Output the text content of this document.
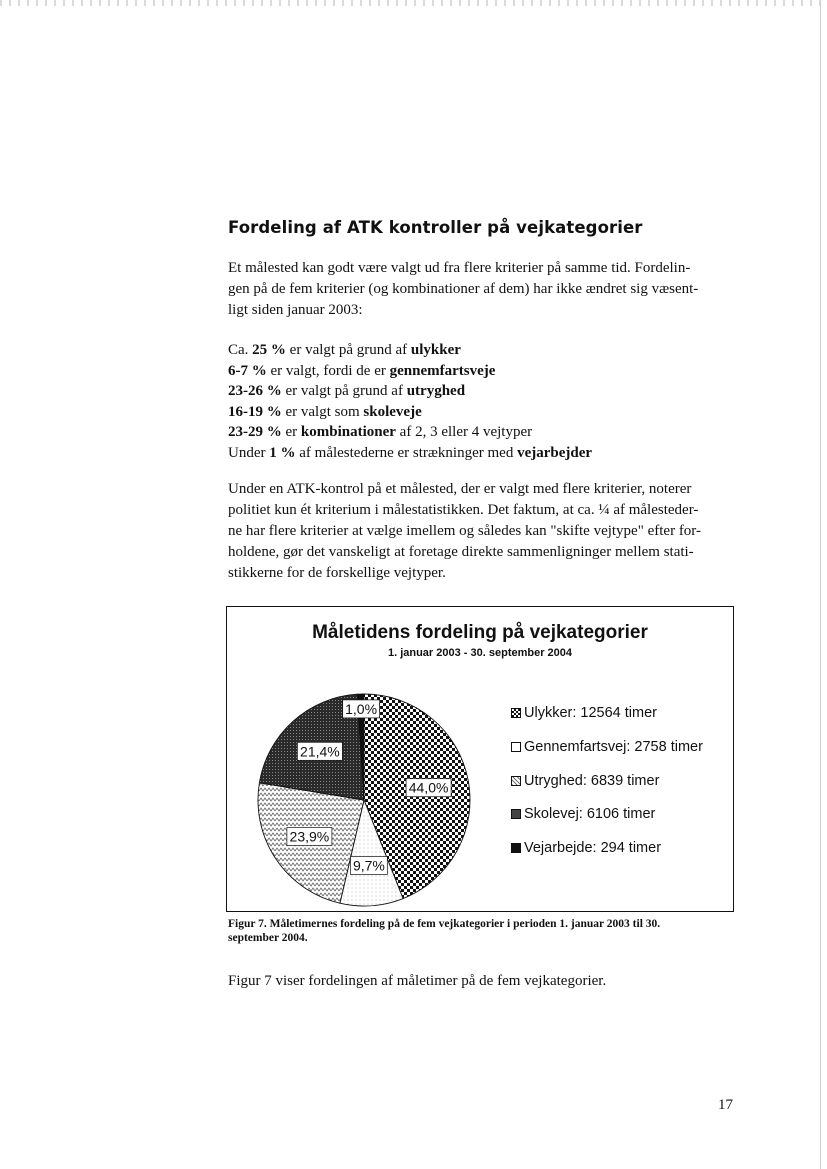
Fordeling af ATK kontroller på vejkategorier
Et målested kan godt være valgt ud fra flere kriterier på samme tid. Fordelin-
gen på de fem kriterier (og kombinationer af dem) har ikke ændret sig væsent-
ligt siden januar 2003:
Ca. 25 % er valgt på grund af ulykker
6-7 % er valgt, fordi de er gennemfartsveje
23-26 % er valgt på grund af utryghed
16-19 % er valgt som skoleveje
23-29 % er kombinationer af 2, 3 eller 4 vejtyper
Under 1 % af målestederne er strækninger med vejarbejder
Under en ATK-kontrol på et målested, der er valgt med flere kriterier, noterer
politiet kun ét kriterium i målestatistikken. Det faktum, at ca. ¼ af målesteder-
ne har flere kriterier at vælge imellem og således kan "skifte vejtype" efter for-
holdene, gør det vanskeligt at foretage direkte sammenligninger mellem stati-
stikkerne for de forskellige vejtyper.
Måletidens fordeling på vejkategorier
1. januar 2003 - 30. september 2004
44,0%
9,7%
23,9%
21,4%
1,0%	Ulykker: 12564 timer
Gennemfartsvej: 2758 timer
Utryghed: 6839 timer
Skolevej: 6106 timer
Vejarbejde: 294 timer
Figur 7. Måletimernes fordeling på de fem vejkategorier i perioden 1. januar 2003 til 30.
september 2004.

Figur 7 viser fordelingen af måletimer på de fem vejkategorier.

17
